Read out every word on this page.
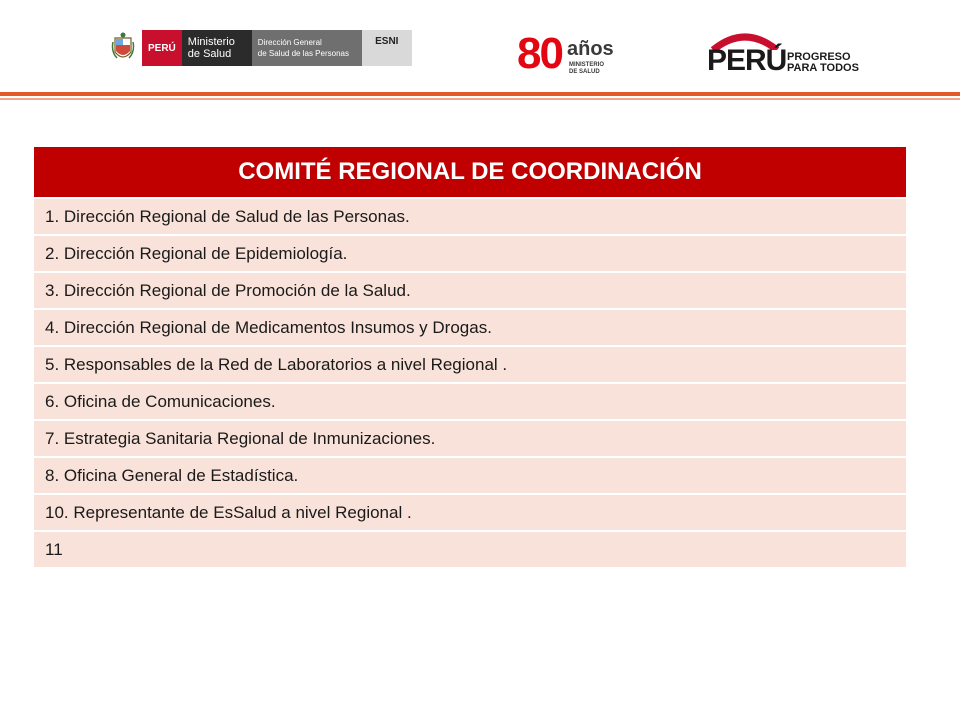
PERÚ	Ministerio
de Salud
Dirección General
de Salud de las Personas
ESNI	80 años
MINISTERIO
DE SALUD	PERÚ PROGRESO
PARA TODOS
COMITÉ REGIONAL DE COORDINACIÓN
1. Dirección Regional de Salud de las Personas.
2. Dirección Regional de Epidemiología.
3. Dirección Regional de Promoción de la Salud.
4. Dirección Regional de Medicamentos Insumos y Drogas.
5. Responsables de la Red de Laboratorios a nivel Regional .
6. Oficina de Comunicaciones.
7. Estrategia Sanitaria Regional de Inmunizaciones.
8. Oficina General de Estadística.
10. Representante de EsSalud a nivel Regional .
11
